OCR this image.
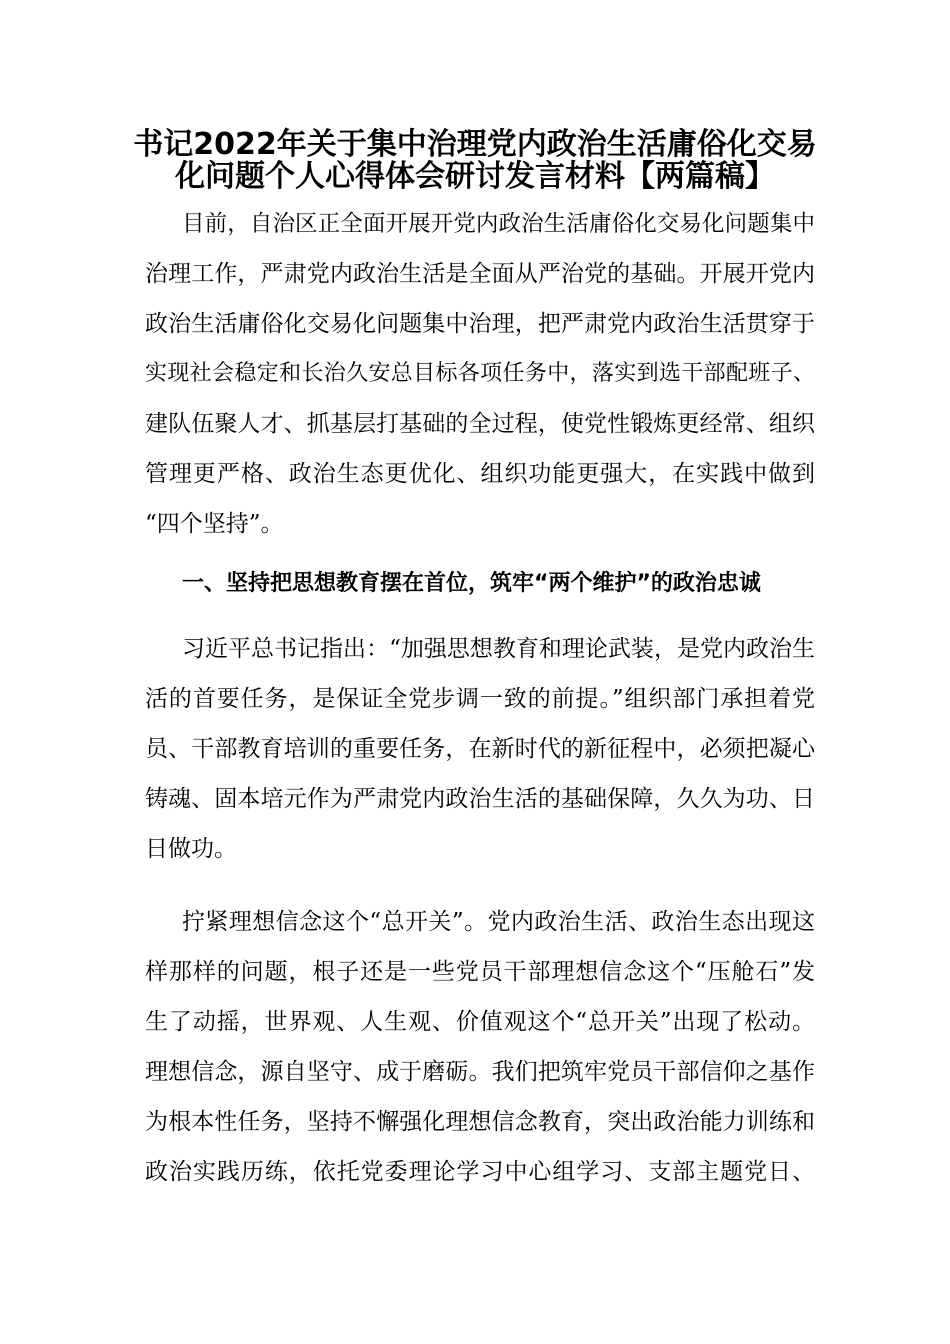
书记2022年关于集中治理党内政治生活庸俗化交易
化问题个人心得体会研讨发言材料【两篇稿】

目前，自治区正全面开展开党内政治生活庸俗化交易化问题集中

治理工作，严肃党内政治生活是全面从严治党的基础。开展开党内

政治生活庸俗化交易化问题集中治理，把严肃党内政治生活贯穿于

实现社会稳定和长治久安总目标各项任务中，落实到选干部配班子、

建队伍聚人才、抓基层打基础的全过程，使党性锻炼更经常、组织

管理更严格、政治生态更优化、组织功能更强大，在实践中做到

“四个坚持”。

一、坚持把思想教育摆在首位，筑牢“两个维护”的政治忠诚

习近平总书记指出：“加强思想教育和理论武装，是党内政治生

活的首要任务，是保证全党步调一致的前提。”组织部门承担着党

员、干部教育培训的重要任务，在新时代的新征程中，必须把凝心

铸魂、固本培元作为严肃党内政治生活的基础保障，久久为功、日

日做功。

拧紧理想信念这个“总开关”。党内政治生活、政治生态出现这

样那样的问题，根子还是一些党员干部理想信念这个“压舱石”发

生了动摇，世界观、人生观、价值观这个“总开关”出现了松动。

理想信念，源自坚守、成于磨砺。我们把筑牢党员干部信仰之基作

为根本性任务，坚持不懈强化理想信念教育，突出政治能力训练和

政治实践历练，依托党委理论学习中心组学习、支部主题党日、
